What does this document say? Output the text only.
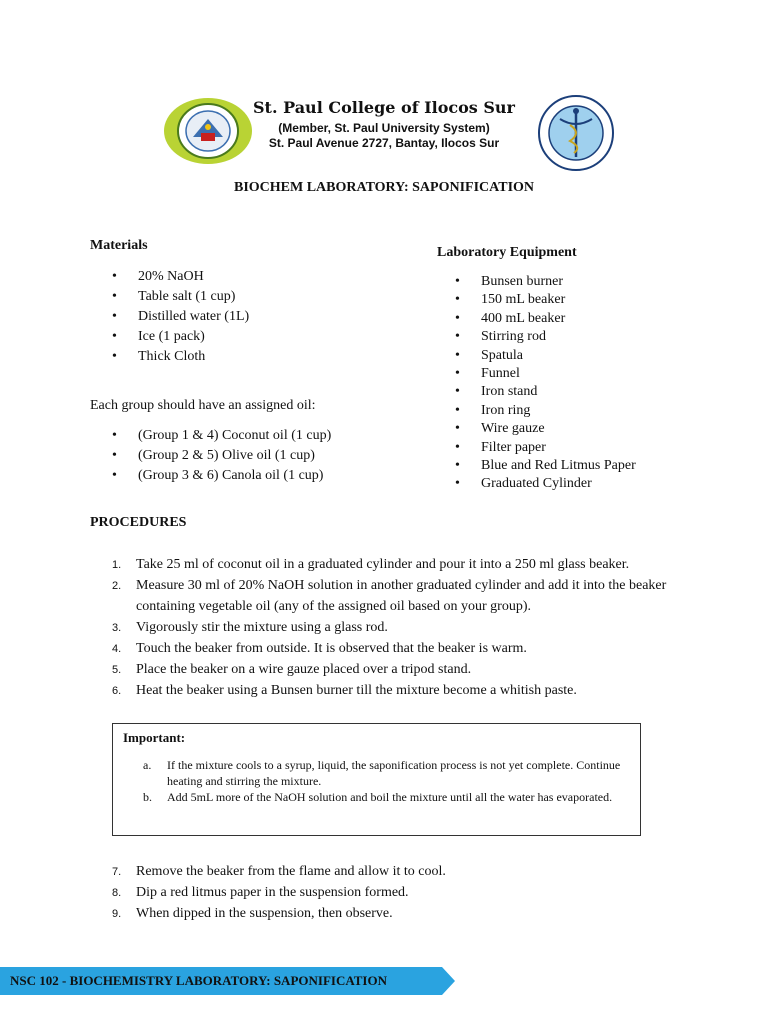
St. Paul College of Ilocos Sur
(Member, St. Paul University System)
St. Paul Avenue 2727, Bantay, Ilocos Sur
BIOCHEM LABORATORY: SAPONIFICATION
Materials
• 20% NaOH
• Table salt (1 cup)
• Distilled water (1L)
• Ice (1 pack)
• Thick Cloth
Each group should have an assigned oil:
• (Group 1 & 4) Coconut oil (1 cup)
• (Group 2 & 5) Olive oil (1 cup)
• (Group 3 & 6) Canola oil (1 cup)
Laboratory Equipment
• Bunsen burner
• 150 mL beaker
• 400 mL beaker
• Stirring rod
• Spatula
• Funnel
• Iron stand
• Iron ring
• Wire gauze
• Filter paper
• Blue and Red Litmus Paper
• Graduated Cylinder
PROCEDURES
1. Take 25 ml of coconut oil in a graduated cylinder and pour it into a 250 ml glass beaker.
2. Measure 30 ml of 20% NaOH solution in another graduated cylinder and add it into the beaker containing vegetable oil (any of the assigned oil based on your group).
3. Vigorously stir the mixture using a glass rod.
4. Touch the beaker from outside. It is observed that the beaker is warm.
5. Place the beaker on a wire gauze placed over a tripod stand.
6. Heat the beaker using a Bunsen burner till the mixture become a whitish paste.
Important:
a. If the mixture cools to a syrup, liquid, the saponification process is not yet complete. Continue heating and stirring the mixture.
b. Add 5mL more of the NaOH solution and boil the mixture until all the water has evaporated.
7. Remove the beaker from the flame and allow it to cool.
8. Dip a red litmus paper in the suspension formed.
9. When dipped in the suspension, then observe.
NSC 102 - BIOCHEMISTRY LABORATORY: SAPONIFICATION
